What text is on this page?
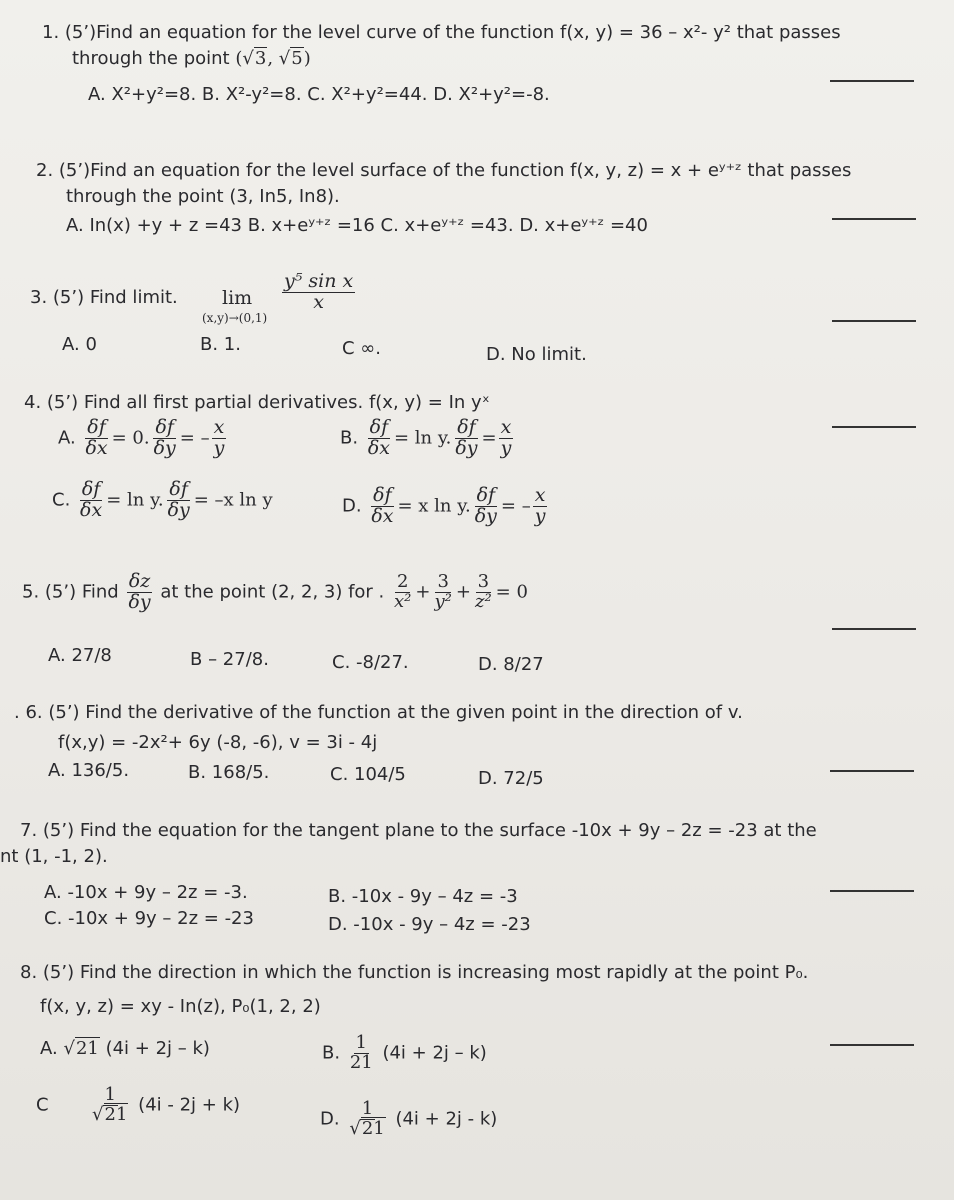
1. (5’)Find an equation for the level curve of the function f(x, y) = 36 – x²- y² that passes
through the point (√3, √5)
A. X²+y²=8. B. X²-y²=8. C. X²+y²=44. D. X²+y²=-8.
2. (5’)Find an equation for the level surface of the function f(x, y, z) = x + eʸ⁺ᶻ that passes
through the point (3, In5, In8).
A. In(x) +y + z =43 B. x+eʸ⁺ᶻ =16 C. x+eʸ⁺ᶻ =43. D. x+eʸ⁺ᶻ =40
3. (5’) Find limit. lim
(x,y)→(0,1)
$\frac{\text{y⁵ sin x}}{x}$
A. 0	B. 1.	C ∞.	D. No limit.
4. (5’) Find all first partial derivatives. f(x, y) = In yˣ
A. $\frac{\delta f}{\delta x} = 0$. $\frac{\delta f}{\delta y}$ = – $\frac{x}{y}$	B. $\frac{\delta f}{\delta x} = \ln y$. $\frac{\delta f}{\delta y} = \frac{x}{y}$
C. $\frac{\delta f}{\delta x} = \ln y$. $\frac{\delta f}{\delta y} = -x$ ln y	D. $\frac{\delta f}{\delta x} = x$ ln y. $\frac{\delta f}{\delta y}$ = – $\frac{x}{y}$
5. (5’) Find $\frac{\delta z}{\delta y}$ at the point (2, 2, 3) for . $\frac{2}{\text{x²}} + \frac{3}{\text{y²}} + \frac{3}{\text{z²}} = 0$
A. 27/8	B – 27/8.	C. -8/27.	D. 8/27
. 6. (5’) Find the derivative of the function at the given point in the direction of v.
f(x,y) = -2x²+ 6y (-8, -6), v = 3i - 4j
A. 136/5.	B. 168/5.	C. 104/5	D. 72/5
7. (5’) Find the equation for the tangent plane to the surface -10x + 9y – 2z = -23 at the
nt (1, -1, 2).
A. -10x + 9y – 2z = -3.	B. -10x - 9y – 4z = -3
C. -10x + 9y – 2z = -23	D. -10x - 9y – 4z = -23
8. (5’) Find the direction in which the function is increasing most rapidly at the point P₀.
f(x, y, z) = xy - In(z), P₀(1, 2, 2)
A. √21 (4i + 2j – k)	B. $\frac{1}{21} (4i + 2j - k)$
C $\frac{1}{√21} (4i - 2j + k)$
D. $\frac{1}{√21} (4i + 2j - k)$
